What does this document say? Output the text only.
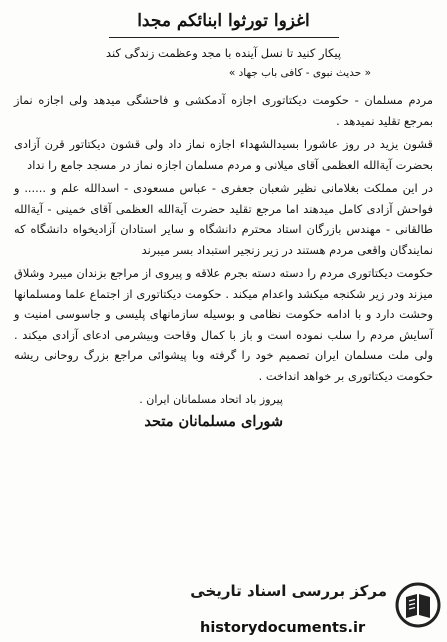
اغزوا تورثوا ابنائکم مجدا

پیکار کنید تا نسل آینده با مجد وعظمت زندگی کند

« حدیث نبوی - کافی باب جهاد »

مردم مسلمان - حکومت دیکتاتوری اجازه آدمکشی و فاحشگی میدهد ولی اجازه نماز بمرجع تقلید نمیدهد .

قشون یزید در روز عاشورا بسیدالشهداء اجازه نماز داد ولی قشون دیکتاتور قرن آزادی بحضرت آیة‌الله العظمی آقای میلانی و مردم مسلمان اجازه نماز در مسجد جامع را نداد

در این مملکت بغلامانی نظیر شعبان جعفری - عباس مسعودی - اسدالله علم و ...... و فواحش آزادی کامل میدهند اما مرجع تقلید حضرت آیة‌الله العظمی آقای خمینی - آیة‌الله طالقانی - مهندس بازرگان استاد محترم دانشگاه و سایر استادان آزادیخواه دانشگاه که نمایندگان واقعی مردم هستند در زیر زنجیر استبداد بسر میبرند

حکومت دیکتاتوری مردم را دسته دسته بجرم علاقه و پیروی از مراجع بزندان میبرد وشلاق میزند ودر زیر شکنجه میکشد واعدام میکند . حکومت دیکتاتوری از اجتماع علما ومسلمانها وحشت دارد و با ادامه حکومت نظامی و بوسیله سازمانهای پلیسی و جاسوسی امنیت و آسایش مردم را سلب نموده است و باز با کمال وقاحت وبیشرمی ادعای آزادی میکند . ولی ملت مسلمان ایران تصمیم خود را گرفته وبا پیشوائی مراجع بزرگ روحانی ریشه حکومت دیکتاتوری بر خواهد انداخت .

پیروز باد اتحاد مسلمانان ایران .

شورای مسلمانان متحد

مرکز بررسی اسناد تاریخی
historydocuments.ir
